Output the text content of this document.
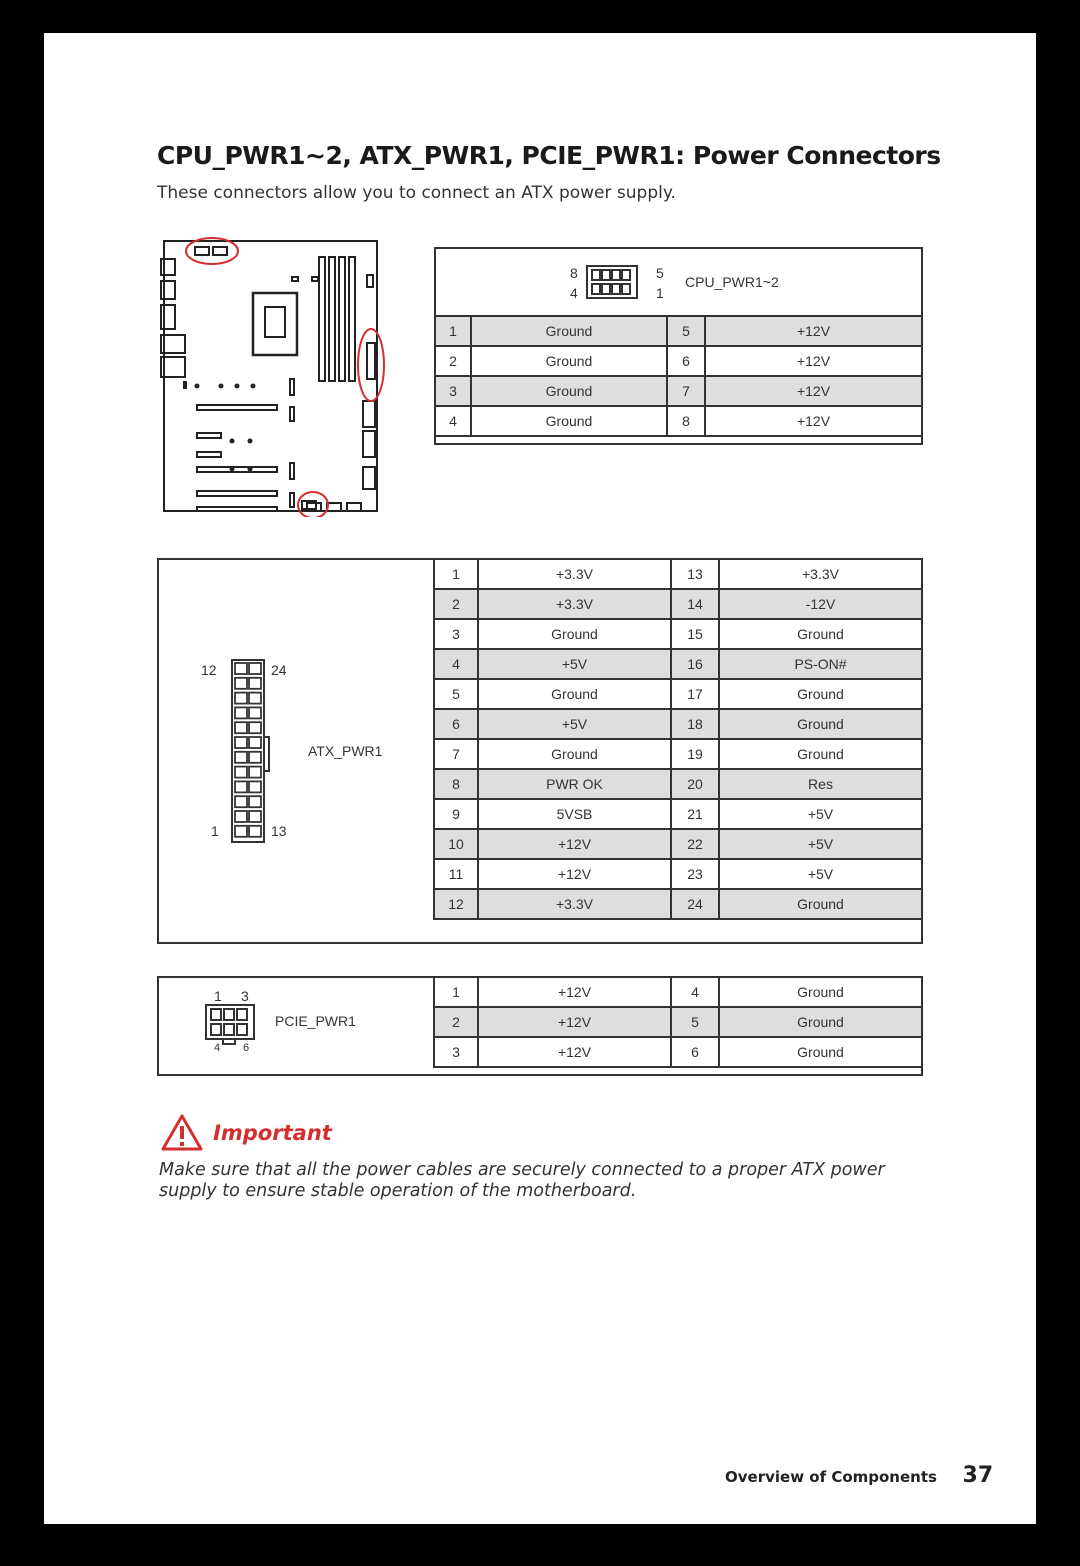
CPU_PWR1~2, ATX_PWR1, PCIE_PWR1: Power Connectors
These connectors allow you to connect an ATX power supply.
8
4
5
1
CPU_PWR1~2
1	Ground	5	+12V
2	Ground	6	+12V
3	Ground	7	+12V
4	Ground	8	+12V
12	24
1	13
ATX_PWR1
1	+3.3V	13	+3.3V
2	+3.3V	14	-12V
3	Ground	15	Ground
4	+5V	16	PS-ON#
5	Ground	17	Ground
6	+5V	18	Ground
7	Ground	19	Ground
8	PWR OK	20	Res
9	5VSB	21	+5V
10	+12V	22	+5V
11	+12V	23	+5V
12	+3.3V	24	Ground
1 3
4 6
PCIE_PWR1
1	+12V	4	Ground
2	+12V	5	Ground
3	+12V	6	Ground
Important
Make sure that all the power cables are securely connected to a proper ATX power supply to ensure stable operation of the motherboard.
Overview of Components 37
